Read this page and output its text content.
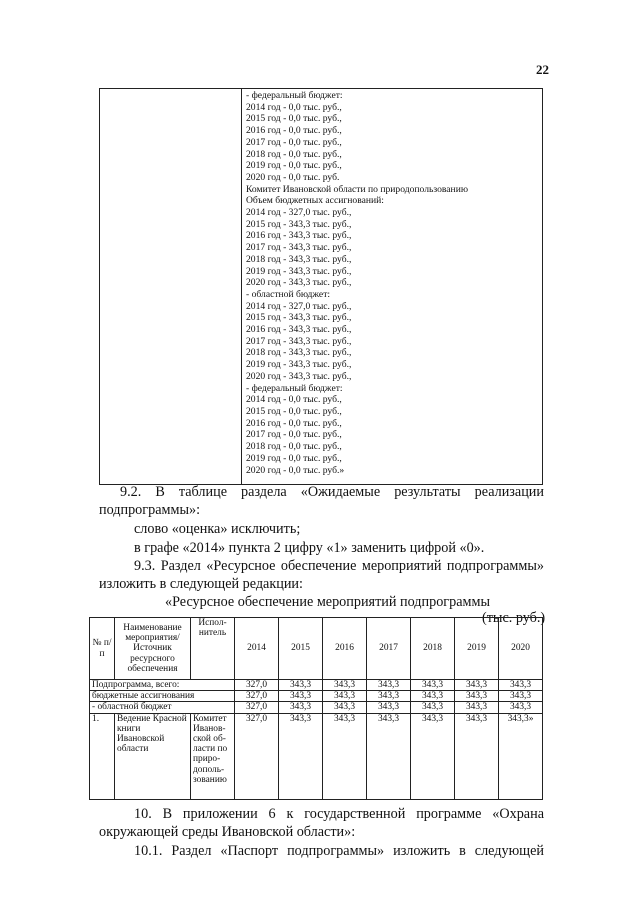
22
- федеральный бюджет:
2014 год - 0,0 тыс. руб.,
2015 год - 0,0 тыс. руб.,
2016 год - 0,0 тыс. руб.,
2017 год - 0,0 тыс. руб.,
2018 год - 0,0 тыс. руб.,
2019 год - 0,0 тыс. руб.,
2020 год - 0,0 тыс. руб.
Комитет Ивановской области по природопользованию
Объем бюджетных ассигнований:
2014 год - 327,0 тыс. руб.,
2015 год - 343,3 тыс. руб.,
2016 год - 343,3 тыс. руб.,
2017 год - 343,3 тыс. руб.,
2018 год - 343,3 тыс. руб.,
2019 год - 343,3 тыс. руб.,
2020 год - 343,3 тыс. руб.,
- областной бюджет:
2014 год - 327,0 тыс. руб.,
2015 год - 343,3 тыс. руб.,
2016 год - 343,3 тыс. руб.,
2017 год - 343,3 тыс. руб.,
2018 год - 343,3 тыс. руб.,
2019 год - 343,3 тыс. руб.,
2020 год - 343,3 тыс. руб.,
- федеральный бюджет:
2014 год - 0,0 тыс. руб.,
2015 год - 0,0 тыс. руб.,
2016 год - 0,0 тыс. руб.,
2017 год - 0,0 тыс. руб.,
2018 год - 0,0 тыс. руб.,
2019 год - 0,0 тыс. руб.,
2020 год - 0,0 тыс. руб.»
9.2. В таблице раздела «Ожидаемые результаты реализации
подпрограммы»:
слово «оценка» исключить;
в графе «2014» пункта 2 цифру «1» заменить цифрой «0».
9.3. Раздел «Ресурсное обеспечение мероприятий подпрограммы»
изложить в следующей редакции:
«Ресурсное обеспечение мероприятий подпрограммы
(тыс. руб.)
№ п/п	Наименование мероприятия/ Источник ресурсного обеспечения	Испол-нитель	2014	2015	2016	2017	2018	2019	2020
Подпрограмма, всего:			327,0	343,3	343,3	343,3	343,3	343,3	343,3
бюджетные ассигнования			327,0	343,3	343,3	343,3	343,3	343,3	343,3
- областной бюджет			327,0	343,3	343,3	343,3	343,3	343,3	343,3
1.	Ведение Красной книги Ивановской области	Комитет Иванов-ской об-ласти по приро-дополь-зованию	327,0	343,3	343,3	343,3	343,3	343,3	343,3»
10. В приложении 6 к государственной программе «Охрана
окружающей среды Ивановской области»:
10.1. Раздел «Паспорт подпрограммы» изложить в следующей
